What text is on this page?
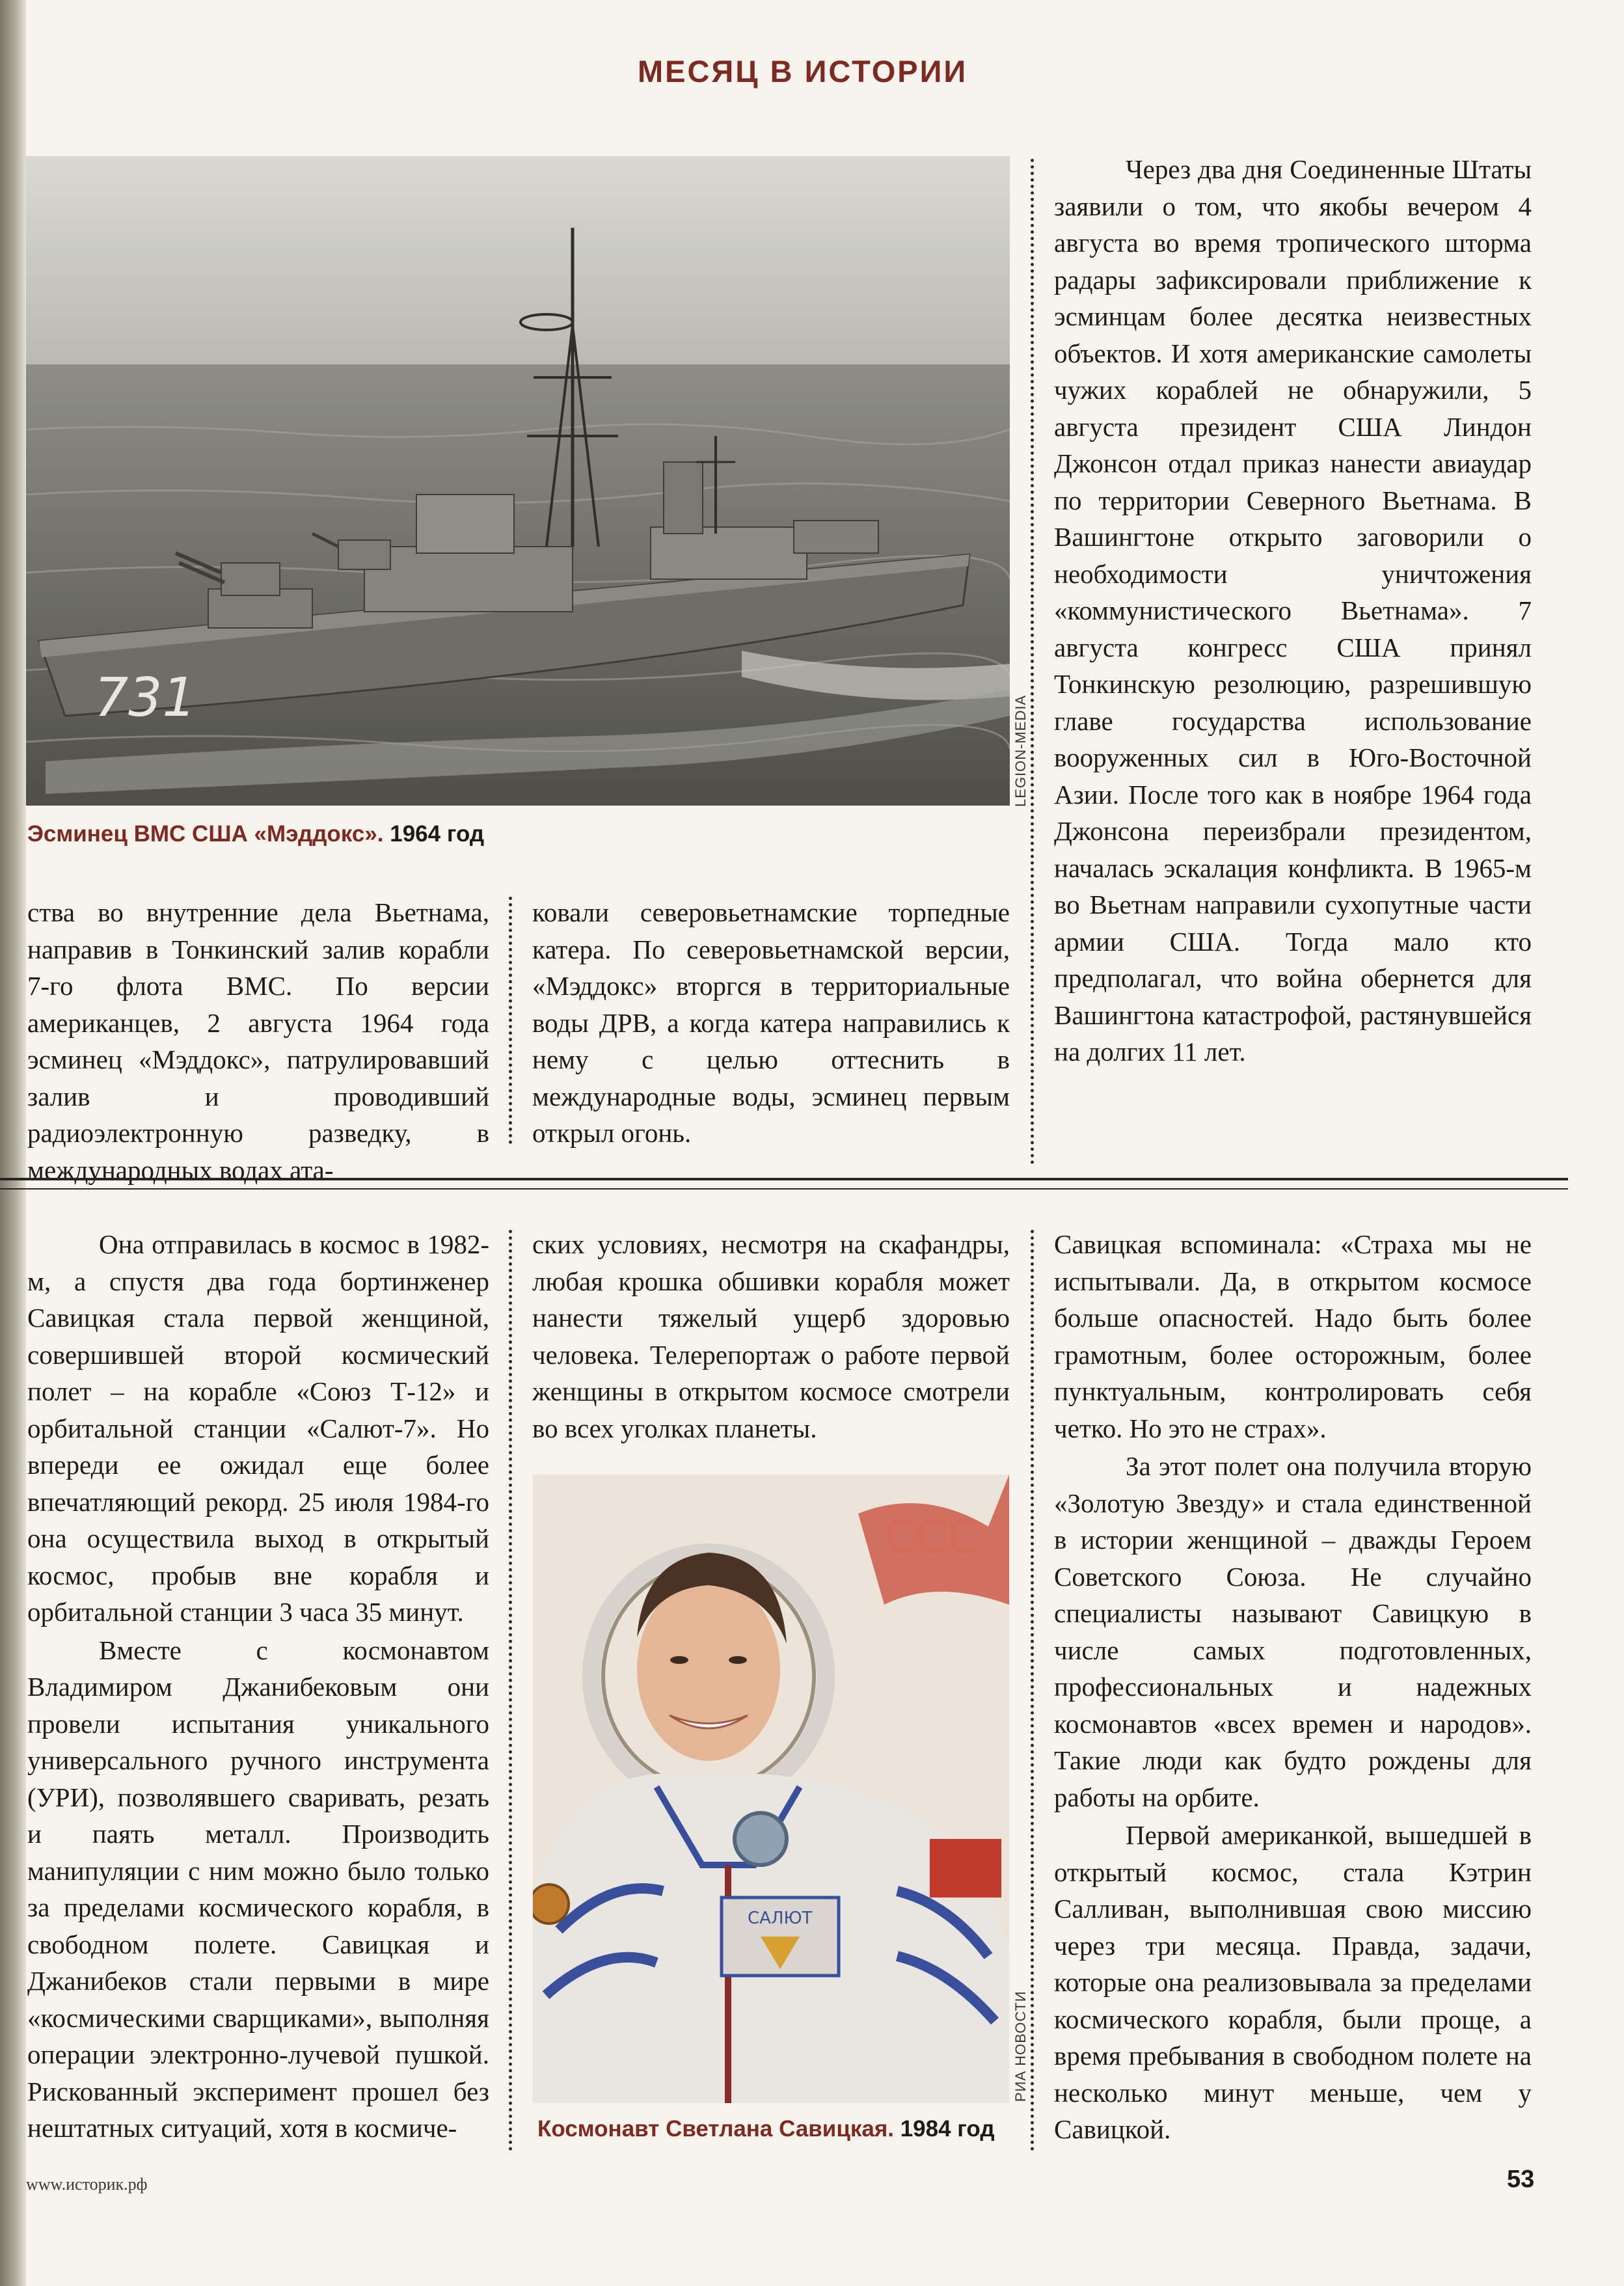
МЕСЯЦ В ИСТОРИИ
731	LEGION-MEDIA
Эсминец ВМС США «Мэддокс». 1964 год

ства во внутренние дела Вьетнама, направив в Тонкинский залив корабли 7-го флота ВМС. По версии американцев, 2 августа 1964 года эсминец «Мэддокс», патрулировавший залив и проводивший радиоэлектронную разведку, в международных водах ата-

ковали северовьетнамские торпедные катера. По северовьетнамской версии, «Мэддокс» вторгся в территориальные воды ДРВ, а когда катера направились к нему с целью оттеснить в международные воды, эсминец первым открыл огонь.

Через два дня Соединенные Штаты заявили о том, что якобы вечером 4 августа во время тропического шторма радары зафиксировали приближение к эсминцам более десятка неизвестных объектов. И хотя американские самолеты чужих кораблей не обнаружили, 5 августа президент США Линдон Джонсон отдал приказ нанести авиаудар по территории Северного Вьетнама. В Вашингтоне открыто заговорили о необходимости уничтожения «коммунистического Вьетнама». 7 августа конгресс США принял Тонкинскую резолюцию, разрешившую главе государства использование вооруженных сил в Юго-Восточной Азии. После того как в ноябре 1964 года Джонсона переизбрали президентом, началась эскалация конфликта. В 1965-м во Вьетнам направили сухопутные части армии США. Тогда мало кто предполагал, что война обернется для Вашингтона катастрофой, растянувшейся на долгих 11 лет.

Она отправилась в космос в 1982-м, а спустя два года бортинженер Савицкая стала первой женщиной, совершившей второй космический полет – на корабле «Союз Т-12» и орбитальной станции «Салют-7». Но впереди ее ожидал еще более впечатляющий рекорд. 25 июля 1984-го она осуществила выход в открытый космос, пробыв вне корабля и орбитальной станции 3 часа 35 минут.

Вместе с космонавтом Владимиром Джанибековым они провели испытания уникального универсального ручного инструмента (УРИ), позволявшего сваривать, резать и паять металл. Производить манипуляции с ним можно было только за пределами космического корабля, в свободном полете. Савицкая и Джанибеков стали первыми в мире «космическими сварщиками», выполняя операции электронно-лучевой пушкой. Рискованный эксперимент прошел без нештатных ситуаций, хотя в космиче-

ских условиях, несмотря на скафандры, любая крошка обшивки корабля может нанести тяжелый ущерб здоровью человека. Телерепортаж о работе первой женщины в открытом космосе смотрели во всех уголках планеты.

ССС
САЛЮТ
РИА НОВОСТИ
Космонавт Светлана Савицкая. 1984 год

Савицкая вспоминала: «Страха мы не испытывали. Да, в открытом космосе больше опасностей. Надо быть более грамотным, более осторожным, более пунктуальным, контролировать себя четко. Но это не страх».

За этот полет она получила вторую «Золотую Звезду» и стала единственной в истории женщиной – дважды Героем Советского Союза. Не случайно специалисты называют Савицкую в числе самых подготовленных, профессиональных и надежных космонавтов «всех времен и народов». Такие люди как будто рождены для работы на орбите.

Первой американкой, вышедшей в открытый космос, стала Кэтрин Салливан, выполнившая свою миссию через три месяца. Правда, задачи, которые она реализовывала за пределами космического корабля, были проще, а время пребывания в свободном полете на несколько минут меньше, чем у Савицкой.

www.историк.рф	53
